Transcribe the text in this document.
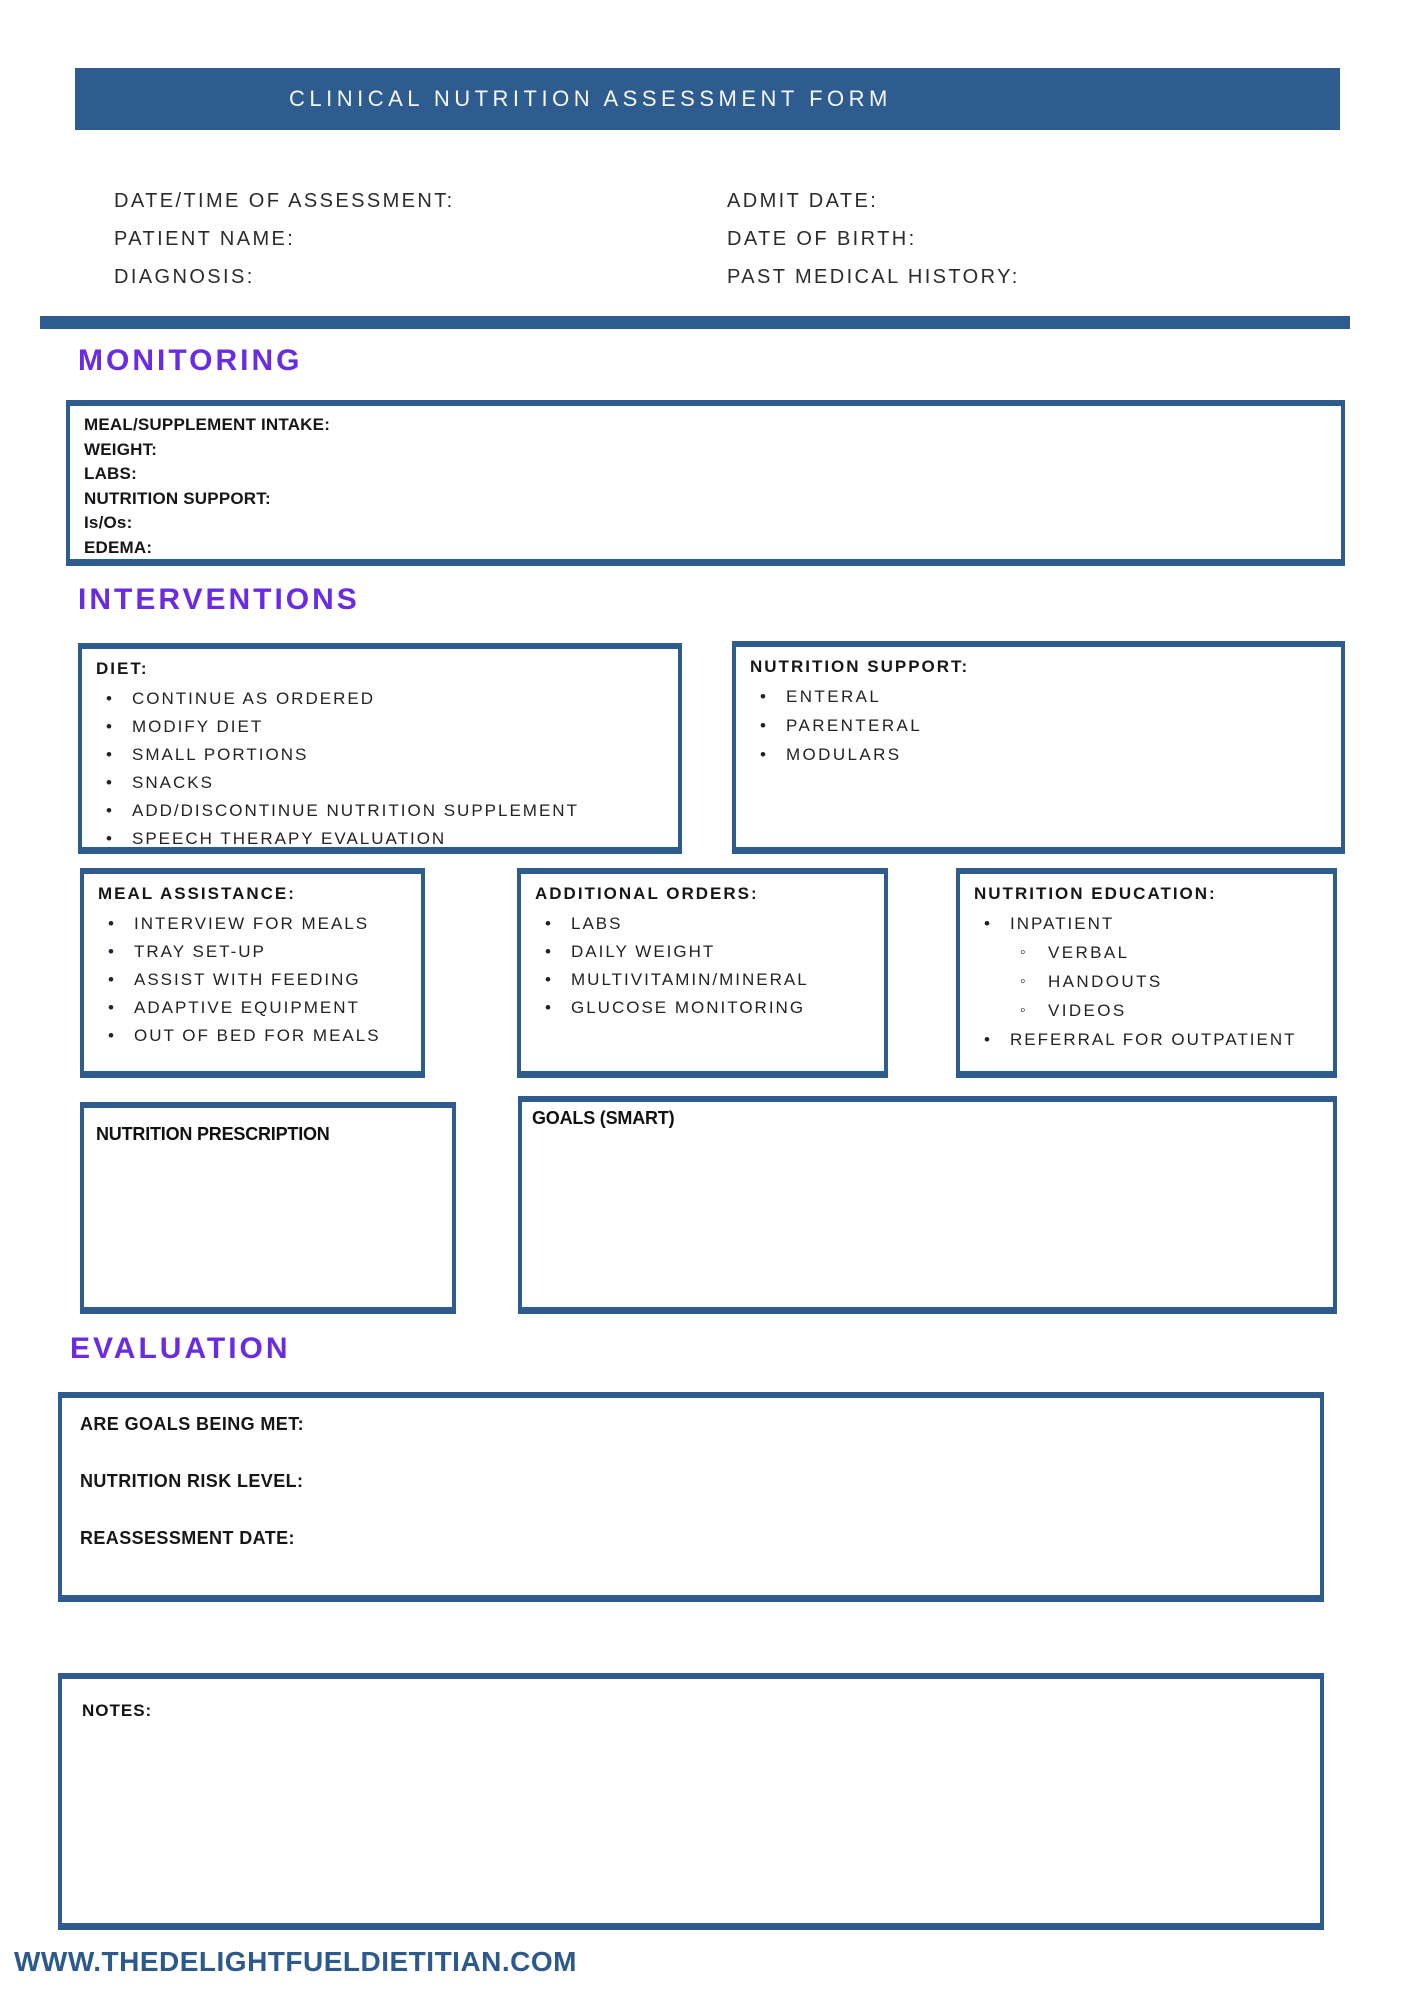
CLINICAL NUTRITION ASSESSMENT FORM
DATE/TIME OF ASSESSMENT:
PATIENT NAME:
DIAGNOSIS:
ADMIT DATE:
DATE OF BIRTH:
PAST MEDICAL HISTORY:
MONITORING
MEAL/SUPPLEMENT INTAKE:
WEIGHT:
LABS:
NUTRITION SUPPORT:
Is/Os:
EDEMA:
INTERVENTIONS
DIET:
• CONTINUE AS ORDERED
• MODIFY DIET
• SMALL PORTIONS
• SNACKS
• ADD/DISCONTINUE NUTRITION SUPPLEMENT
• SPEECH THERAPY EVALUATION
NUTRITION SUPPORT:
• ENTERAL
• PARENTERAL
• MODULARS
MEAL ASSISTANCE:
• INTERVIEW FOR MEALS
• TRAY SET-UP
• ASSIST WITH FEEDING
• ADAPTIVE EQUIPMENT
• OUT OF BED FOR MEALS
ADDITIONAL ORDERS:
• LABS
• DAILY WEIGHT
• MULTIVITAMIN/MINERAL
• GLUCOSE MONITORING
NUTRITION EDUCATION:
• INPATIENT
◦ VERBAL
◦ HANDOUTS
◦ VIDEOS
• REFERRAL FOR OUTPATIENT
NUTRITION PRESCRIPTION
GOALS (SMART)
EVALUATION
ARE GOALS BEING MET:
NUTRITION RISK LEVEL:
REASSESSMENT DATE:
NOTES:
WWW.THEDELIGHTFUELDIETITIAN.COM
